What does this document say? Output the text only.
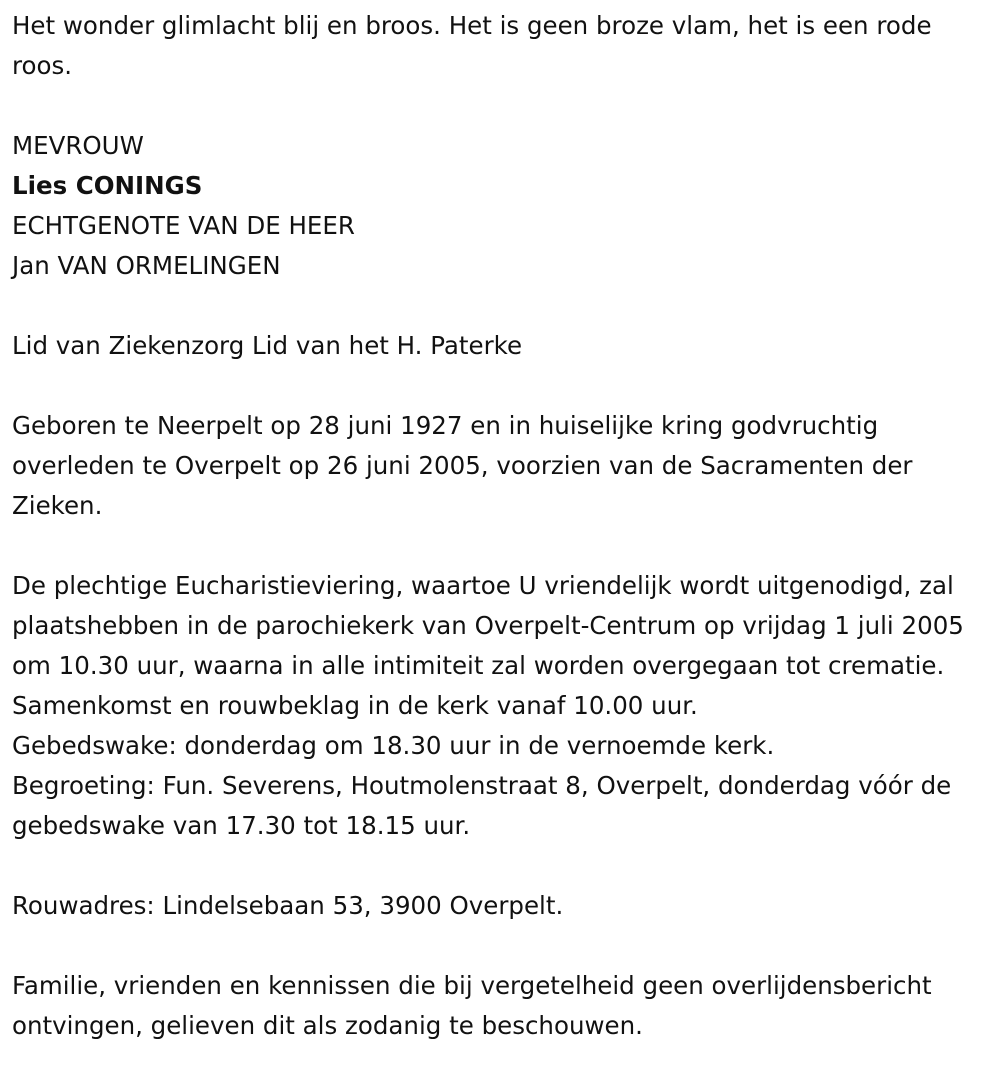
Het wonder glimlacht blij en broos. Het is geen broze vlam, het is een rode roos.

MEVROUW

Lies CONINGS

ECHTGENOTE VAN DE HEER

Jan VAN ORMELINGEN

Lid van Ziekenzorg Lid van het H. Paterke

Geboren te Neerpelt op 28 juni 1927 en in huiselijke kring godvruchtig overleden te Overpelt op 26 juni 2005, voorzien van de Sacramenten der Zieken.

De plechtige Eucharistieviering, waartoe U vriendelijk wordt uitgenodigd, zal plaatshebben in de parochiekerk van Overpelt-Centrum op vrijdag 1 juli 2005 om 10.30 uur, waarna in alle intimiteit zal worden overgegaan tot crematie. Samenkomst en rouwbeklag in de kerk vanaf 10.00 uur.

Gebedswake: donderdag om 18.30 uur in de vernoemde kerk.

Begroeting: Fun. Severens, Houtmolenstraat 8, Overpelt, donderdag vóór de gebedswake van 17.30 tot 18.15 uur.

Rouwadres: Lindelsebaan 53, 3900 Overpelt.

Familie, vrienden en kennissen die bij vergetelheid geen overlijdensbericht ontvingen, gelieven dit als zodanig te beschouwen.
